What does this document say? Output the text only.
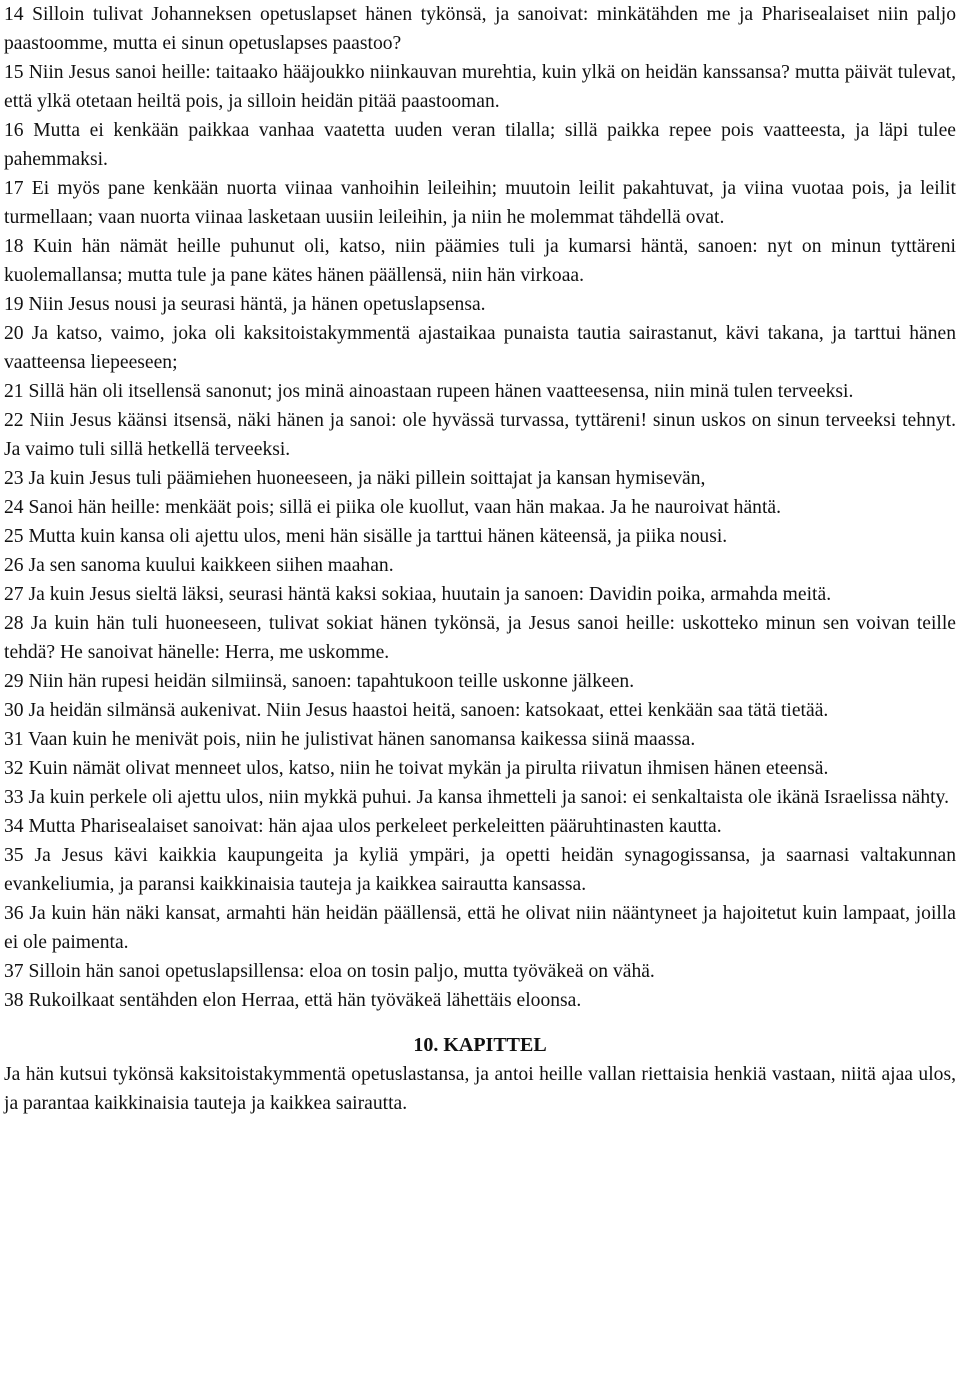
14 Silloin tulivat Johanneksen opetuslapset hänen tykönsä, ja sanoivat: minkätähden me ja Pharisealaiset niin paljo paastoomme, mutta ei sinun opetuslapses paastoo?

15 Niin Jesus sanoi heille: taitaako hääjoukko niinkauvan murehtia, kuin ylkä on heidän kanssansa? mutta päivät tulevat, että ylkä otetaan heiltä pois, ja silloin heidän pitää paastooman.

16 Mutta ei kenkään paikkaa vanhaa vaatetta uuden veran tilalla; sillä paikka repee pois vaatteesta, ja läpi tulee pahemmaksi.

17 Ei myös pane kenkään nuorta viinaa vanhoihin leileihin; muutoin leilit pakahtuvat, ja viina vuotaa pois, ja leilit turmellaan; vaan nuorta viinaa lasketaan uusiin leileihin, ja niin he molemmat tähdellä ovat.

18 Kuin hän nämät heille puhunut oli, katso, niin päämies tuli ja kumarsi häntä, sanoen: nyt on minun tyttäreni kuolemallansa; mutta tule ja pane kätes hänen päällensä, niin hän virkoaa.

19 Niin Jesus nousi ja seurasi häntä, ja hänen opetuslapsensa.

20 Ja katso, vaimo, joka oli kaksitoistakymmentä ajastaikaa punaista tautia sairastanut, kävi takana, ja tarttui hänen vaatteensa liepeeseen;

21 Sillä hän oli itsellensä sanonut; jos minä ainoastaan rupeen hänen vaatteesensa, niin minä tulen terveeksi.

22 Niin Jesus käänsi itsensä, näki hänen ja sanoi: ole hyvässä turvassa, tyttäreni! sinun uskos on sinun terveeksi tehnyt. Ja vaimo tuli sillä hetkellä terveeksi.

23 Ja kuin Jesus tuli päämiehen huoneeseen, ja näki pillein soittajat ja kansan hymisevän,

24 Sanoi hän heille: menkäät pois; sillä ei piika ole kuollut, vaan hän makaa. Ja he nauroivat häntä.

25 Mutta kuin kansa oli ajettu ulos, meni hän sisälle ja tarttui hänen käteensä, ja piika nousi.

26 Ja sen sanoma kuului kaikkeen siihen maahan.

27 Ja kuin Jesus sieltä läksi, seurasi häntä kaksi sokiaa, huutain ja sanoen: Davidin poika, armahda meitä.

28 Ja kuin hän tuli huoneeseen, tulivat sokiat hänen tykönsä, ja Jesus sanoi heille: uskotteko minun sen voivan teille tehdä? He sanoivat hänelle: Herra, me uskomme.

29 Niin hän rupesi heidän silmiinsä, sanoen: tapahtukoon teille uskonne jälkeen.

30 Ja heidän silmänsä aukenivat. Niin Jesus haastoi heitä, sanoen: katsokaat, ettei kenkään saa tätä tietää.

31 Vaan kuin he menivät pois, niin he julistivat hänen sanomansa kaikessa siinä maassa.

32 Kuin nämät olivat menneet ulos, katso, niin he toivat mykän ja pirulta riivatun ihmisen hänen eteensä.

33 Ja kuin perkele oli ajettu ulos, niin mykkä puhui. Ja kansa ihmetteli ja sanoi: ei senkaltaista ole ikänä Israelissa nähty.

34 Mutta Pharisealaiset sanoivat: hän ajaa ulos perkeleet perkeleitten pääruhtinasten kautta.

35 Ja Jesus kävi kaikkia kaupungeita ja kyliä ympäri, ja opetti heidän synagogissansa, ja saarnasi valtakunnan evankeliumia, ja paransi kaikkinaisia tauteja ja kaikkea sairautta kansassa.

36 Ja kuin hän näki kansat, armahti hän heidän päällensä, että he olivat niin nääntyneet ja hajoitetut kuin lampaat, joilla ei ole paimenta.

37 Silloin hän sanoi opetuslapsillensa: eloa on tosin paljo, mutta työväkeä on vähä.

38 Rukoilkaat sentähden elon Herraa, että hän työväkeä lähettäis eloonsa.

10. KAPITTEL

Ja hän kutsui tykönsä kaksitoistakymmentä opetuslastansa, ja antoi heille vallan riettaisia henkiä vastaan, niitä ajaa ulos, ja parantaa kaikkinaisia tauteja ja kaikkea sairautta.
